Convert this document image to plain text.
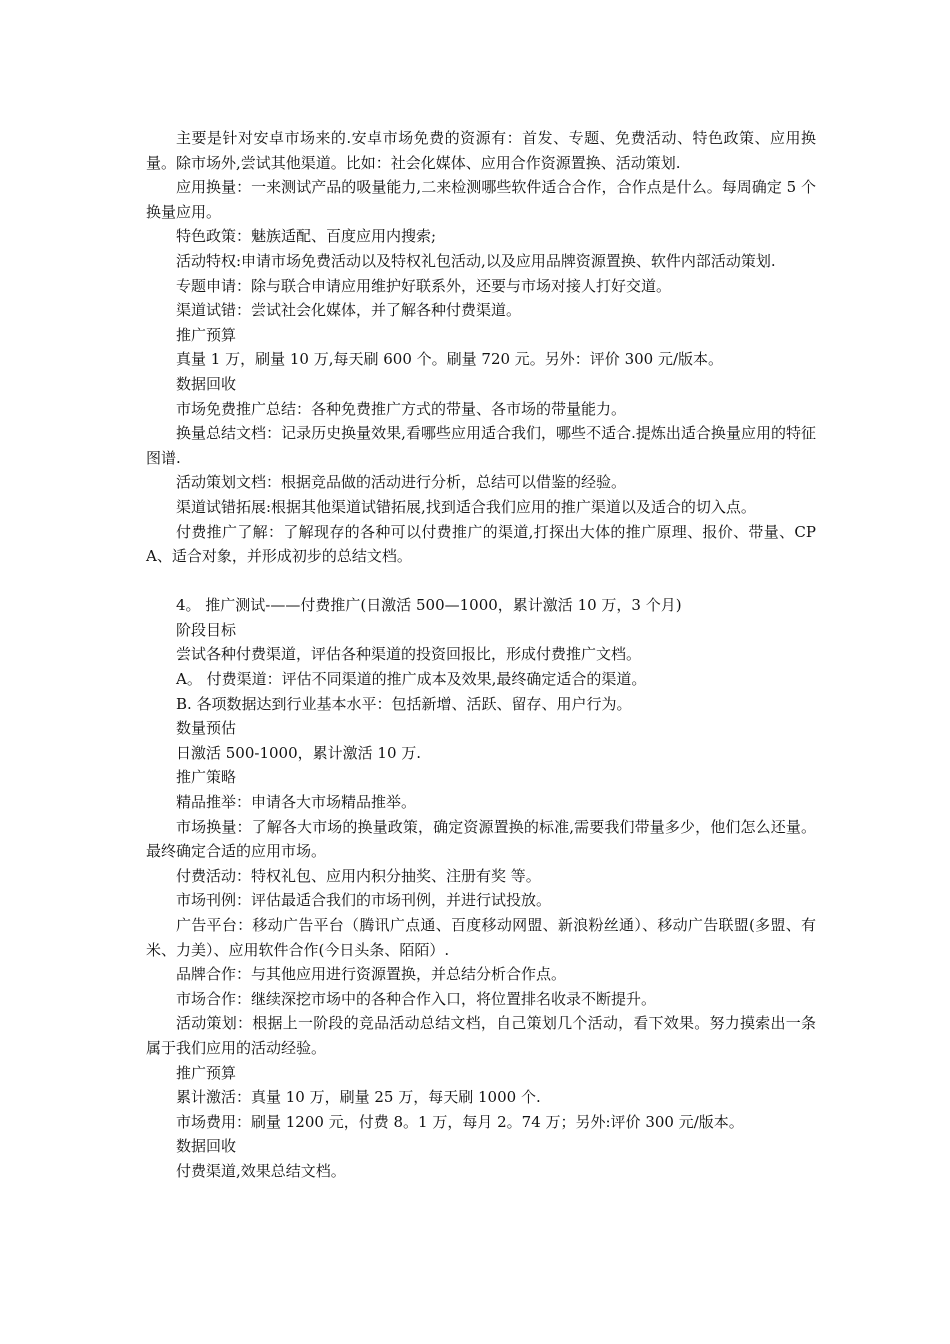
主要是针对安卓市场来的.安卓市场免费的资源有：首发、专题、免费活动、特色政策、应用换量。除市场外,尝试其他渠道。比如：社会化媒体、应用合作资源置换、活动策划.

应用换量：一来测试产品的吸量能力,二来检测哪些软件适合合作，合作点是什么。每周确定 5 个换量应用。

特色政策：魅族适配、百度应用内搜索;

活动特权:申请市场免费活动以及特权礼包活动,以及应用品牌资源置换、软件内部活动策划.

专题申请：除与联合申请应用维护好联系外，还要与市场对接人打好交道。

渠道试错：尝试社会化媒体，并了解各种付费渠道。

推广预算

真量 1 万，刷量 10 万,每天刷 600 个。刷量 720 元。另外：评价 300 元/版本。

数据回收

市场免费推广总结：各种免费推广方式的带量、各市场的带量能力。

换量总结文档：记录历史换量效果,看哪些应用适合我们，哪些不适合.提炼出适合换量应用的特征图谱.

活动策划文档：根据竞品做的活动进行分析，总结可以借鉴的经验。

渠道试错拓展:根据其他渠道试错拓展,找到适合我们应用的推广渠道以及适合的切入点。

付费推广了解：了解现存的各种可以付费推广的渠道,打探出大体的推广原理、报价、带量、CPA、适合对象，并形成初步的总结文档。

4。 推广测试-——付费推广(日激活 500—1000，累计激活 10 万，3 个月)

阶段目标

尝试各种付费渠道，评估各种渠道的投资回报比，形成付费推广文档。

A。 付费渠道：评估不同渠道的推广成本及效果,最终确定适合的渠道。

B. 各项数据达到行业基本水平：包括新增、活跃、留存、用户行为。

数量预估

日激活 500-1000，累计激活 10 万.

推广策略

精品推举：申请各大市场精品推举。

市场换量：了解各大市场的换量政策，确定资源置换的标准,需要我们带量多少，他们怎么还量。最终确定合适的应用市场。

付费活动：特权礼包、应用内积分抽奖、注册有奖 等。

市场刊例：评估最适合我们的市场刊例，并进行试投放。

广告平台：移动广告平台（腾讯广点通、百度移动网盟、新浪粉丝通）、移动广告联盟(多盟、有米、力美）、应用软件合作(今日头条、陌陌）.

品牌合作：与其他应用进行资源置换，并总结分析合作点。

市场合作：继续深挖市场中的各种合作入口，将位置排名收录不断提升。

活动策划：根据上一阶段的竞品活动总结文档，自己策划几个活动，看下效果。努力摸索出一条属于我们应用的活动经验。

推广预算

累计激活：真量 10 万，刷量 25 万，每天刷 1000 个.

市场费用：刷量 1200 元，付费 8。1 万，每月 2。74 万；另外:评价 300 元/版本。

数据回收

付费渠道,效果总结文档。
